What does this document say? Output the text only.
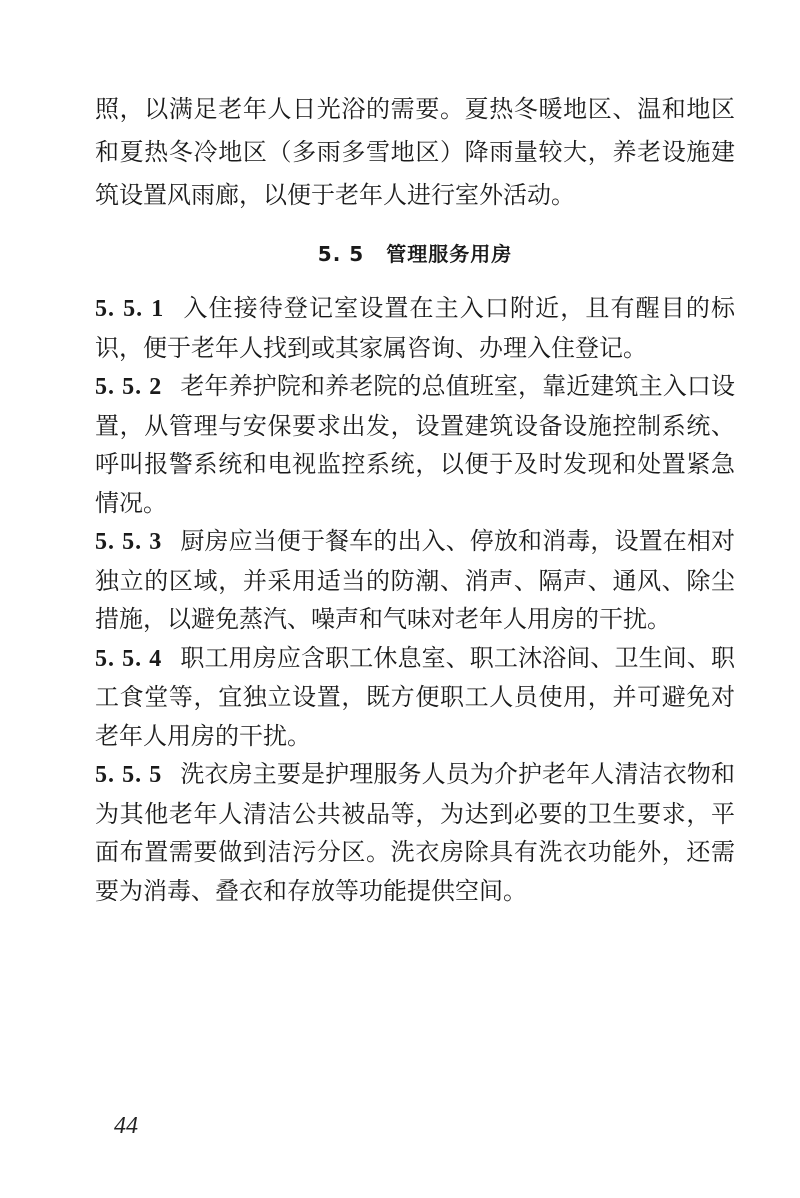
照，以满足老年人日光浴的需要。夏热冬暖地区、温和地区和夏热冬冷地区（多雨多雪地区）降雨量较大，养老设施建筑设置风雨廊，以便于老年人进行室外活动。

5. 5 管理服务用房

5. 5. 1 入住接待登记室设置在主入口附近，且有醒目的标识，便于老年人找到或其家属咨询、办理入住登记。

5. 5. 2 老年养护院和养老院的总值班室，靠近建筑主入口设置，从管理与安保要求出发，设置建筑设备设施控制系统、呼叫报警系统和电视监控系统，以便于及时发现和处置紧急情况。

5. 5. 3 厨房应当便于餐车的出入、停放和消毒，设置在相对独立的区域，并采用适当的防潮、消声、隔声、通风、除尘措施，以避免蒸汽、噪声和气味对老年人用房的干扰。

5. 5. 4 职工用房应含职工休息室、职工沐浴间、卫生间、职工食堂等，宜独立设置，既方便职工人员使用，并可避免对老年人用房的干扰。

5. 5. 5 洗衣房主要是护理服务人员为介护老年人清洁衣物和为其他老年人清洁公共被品等，为达到必要的卫生要求，平面布置需要做到洁污分区。洗衣房除具有洗衣功能外，还需要为消毒、叠衣和存放等功能提供空间。

44
